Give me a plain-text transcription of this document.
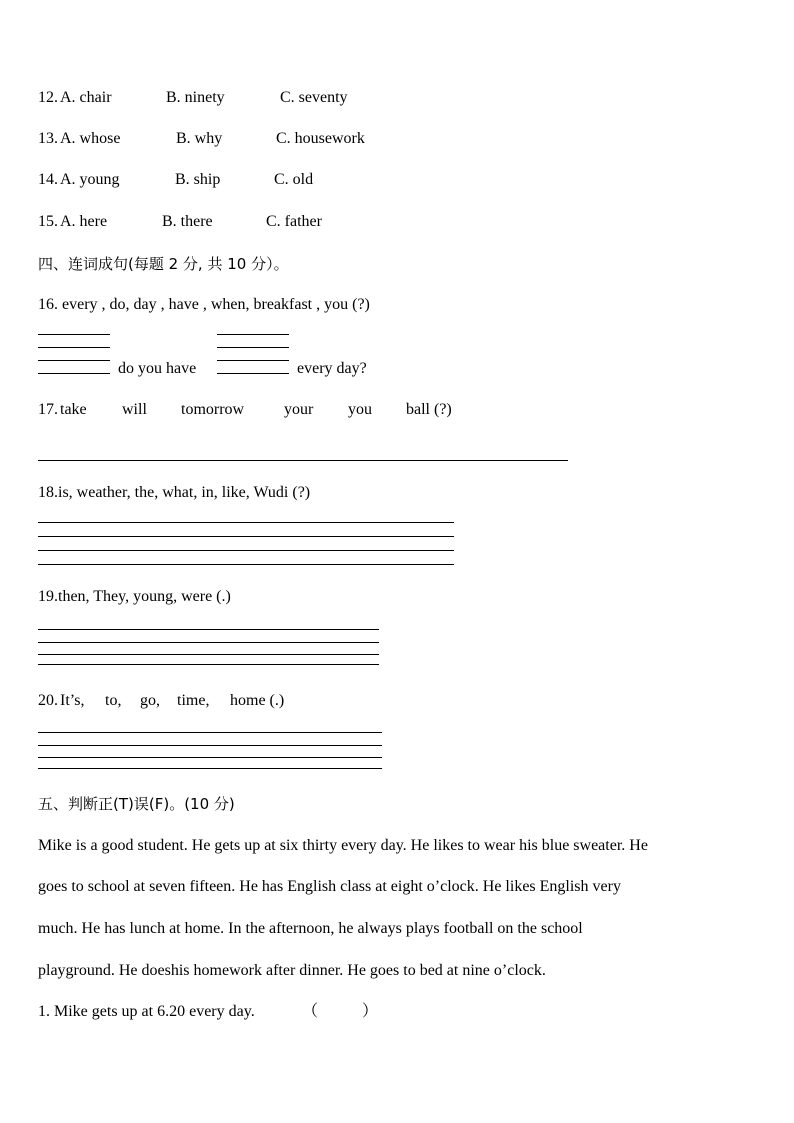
12. A. chair	B. ninety	C. seventy
13. A. whose	B. why	C. housework
14. A. young	B. ship	C. old
15. A. here	B. there	C. father
四、连词成句(每题 2 分, 共 10 分）。
16. every , do, day , have , when, breakfast , you (?)
do you have	every day?
17. take will tomorrow your you ball (?)
18.is, weather, the, what, in, like, Wudi (?)
19.then, They, young, were (.)
20. It’s, to, go, time, home (.)
五、判断正(T)误(F)。(10 分)
Mike is a good student. He gets up at six thirty every day. He likes to wear his blue sweater. He
goes to school at seven fifteen. He has English class at eight o’clock. He likes English very
much. He has lunch at home. In the afternoon, he always plays football on the school
playground. He doeshis homework after dinner. He goes to bed at nine o’clock.
1. Mike gets up at 6.20 every day.	（	）
